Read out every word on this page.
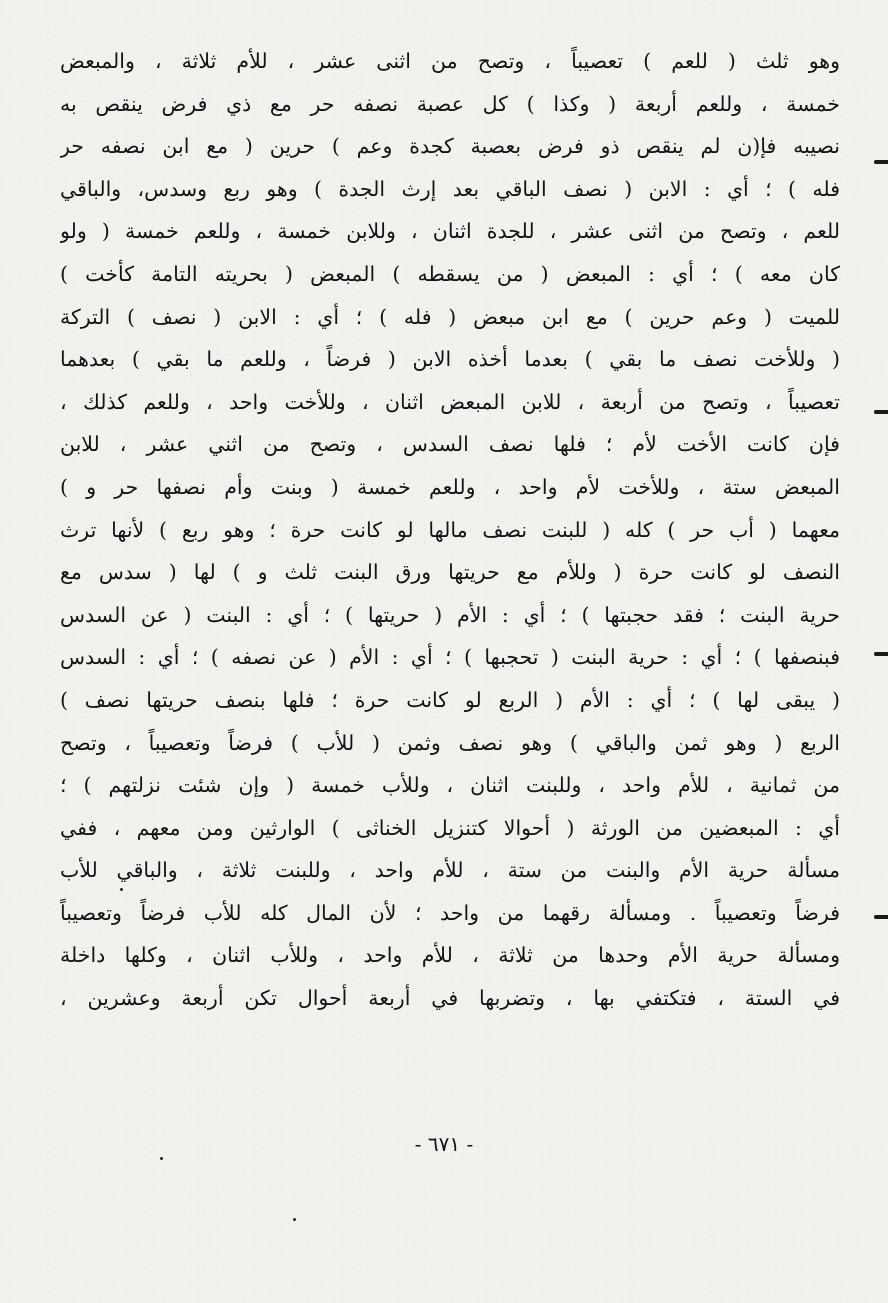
وهو ثلث ( للعم ) تعصيباً ، وتصح من اثنى عشر ، للأم ثلاثة ، والمبعض
خمسة ، وللعم أربعة ( وكذا ) كل عصبة نصفه حر مع ذي فرض ينقص به
نصيبه فإ(ن لم ينقص ذو فرض بعصبة كجدة وعم ) حرين ( مع ابن نصفه حر
فله ) ؛ أي : الابن ( نصف الباقي بعد إرث الجدة ) وهو ربع وسدس، والباقي
للعم ، وتصح من اثنى عشر ، للجدة اثنان ، وللابن خمسة ، وللعم خمسة ( ولو
كان معه ) ؛ أي : المبعض ( من يسقطه ) المبعض ( بحريته التامة كأخت )
للميت ( وعم حرين ) مع ابن مبعض ( فله ) ؛ أي : الابن ( نصف ) التركة
( وللأخت نصف ما بقي ) بعدما أخذه الابن ( فرضاً ، وللعم ما بقي ) بعدهما
تعصيباً ، وتصح من أربعة ، للابن المبعض اثنان ، وللأخت واحد ، وللعم كذلك ،
فإن كانت الأخت لأم ؛ فلها نصف السدس ، وتصح من اثني عشر ، للابن
المبعض ستة ، وللأخت لأم واحد ، وللعم خمسة ( وبنت وأم نصفها حر و )
معهما ( أب حر ) كله ( للبنت نصف مالها لو كانت حرة ؛ وهو ربع ) لأنها ترث
النصف لو كانت حرة ( وللأم مع حريتها ورق البنت ثلث و ) لها ( سدس مع
حرية البنت ؛ فقد حجبتها ) ؛ أي : الأم ( حريتها ) ؛ أي : البنت ( عن السدس
فبنصفها ) ؛ أي : حرية البنت ( تحجبها ) ؛ أي : الأم ( عن نصفه ) ؛ أي : السدس
( يبقى لها ) ؛ أي : الأم ( الربع لو كانت حرة ؛ فلها بنصف حريتها نصف )
الربع ( وهو ثمن والباقي ) وهو نصف وثمن ( للأب ) فرضاً وتعصيباً ، وتصح
من ثمانية ، للأم واحد ، وللبنت اثنان ، وللأب خمسة ( وإن شئت نزلتهم ) ؛
أي : المبعضين من الورثة ( أحوالا كتنزيل الخناثى ) الوارثين ومن معهم ، ففي
مسألة حرية الأم والبنت من ستة ، للأم واحد ، وللبنت ثلاثة ، والباقي للأب
فرضاً وتعصيباً . ومسألة رقهما من واحد ؛ لأن المال كله للأب فرضاً وتعصيباً
ومسألة حرية الأم وحدها من ثلاثة ، للأم واحد ، وللأب اثنان ، وكلها داخلة
في الستة ، فتكتفي بها ، وتضربها في أربعة أحوال تكن أربعة وعشرين ،
- ٦٧١ -
